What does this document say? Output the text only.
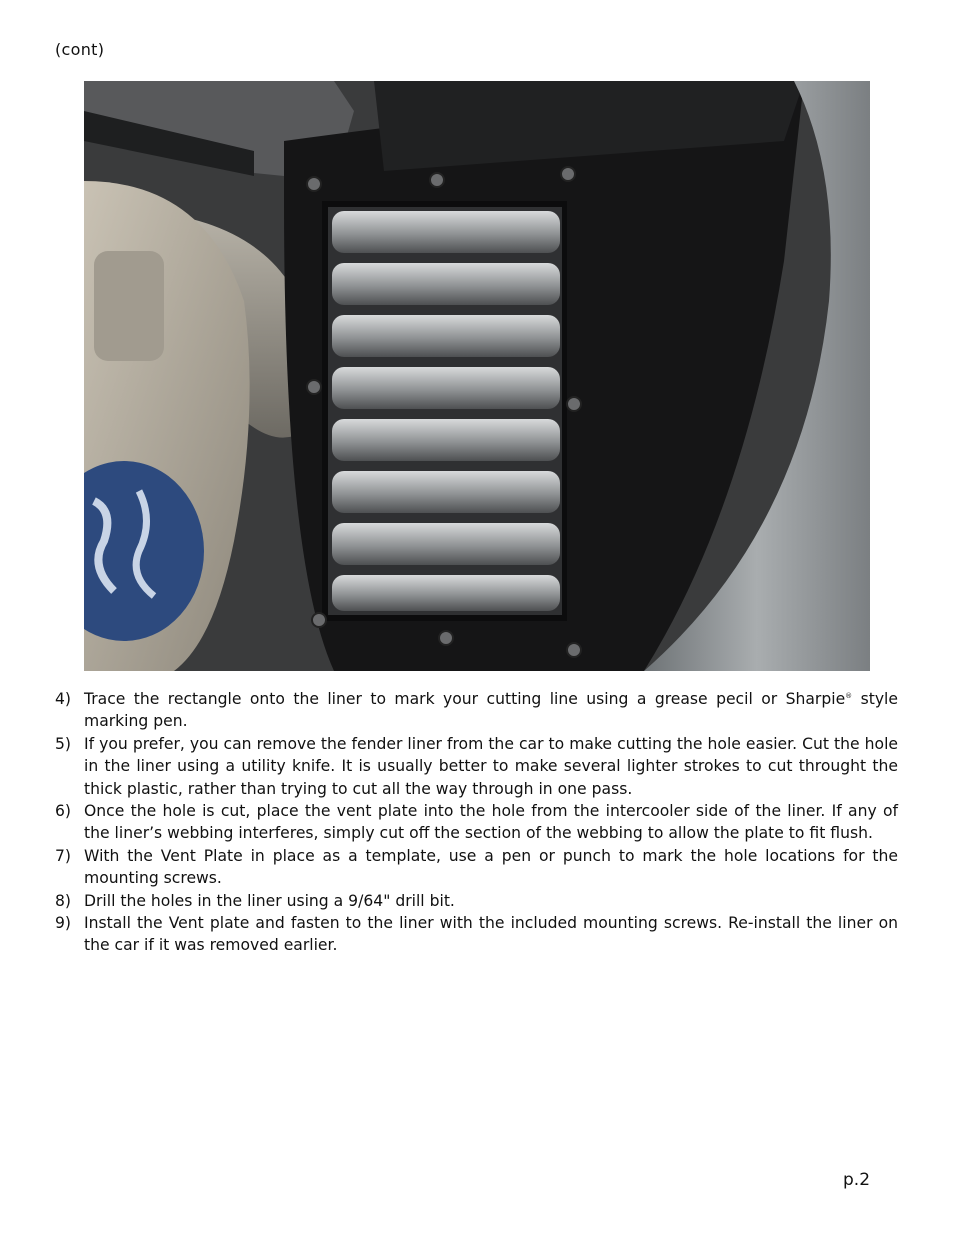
(cont)
4) Trace the rectangle onto the liner to mark your cutting line using a grease pecil or Sharpie® style marking pen.
5) If you prefer, you can remove the fender liner from the car to make cutting the hole easier. Cut the hole in the liner using a utility knife. It is usually better to make several lighter strokes to cut throught the thick plastic, rather than trying to cut all the way through in one pass.
6) Once the hole is cut, place the vent plate into the hole from the intercooler side of the liner. If any of the liner’s webbing interferes, simply cut off the section of the webbing to allow the plate to fit flush.
7) With the Vent Plate in place as a template, use a pen or punch to mark the hole locations for the mounting screws.
8) Drill the holes in the liner using a 9/64" drill bit.
9) Install the Vent plate and fasten to the liner with the included mounting screws. Re-install the liner on the car if it was removed earlier.
p.2
